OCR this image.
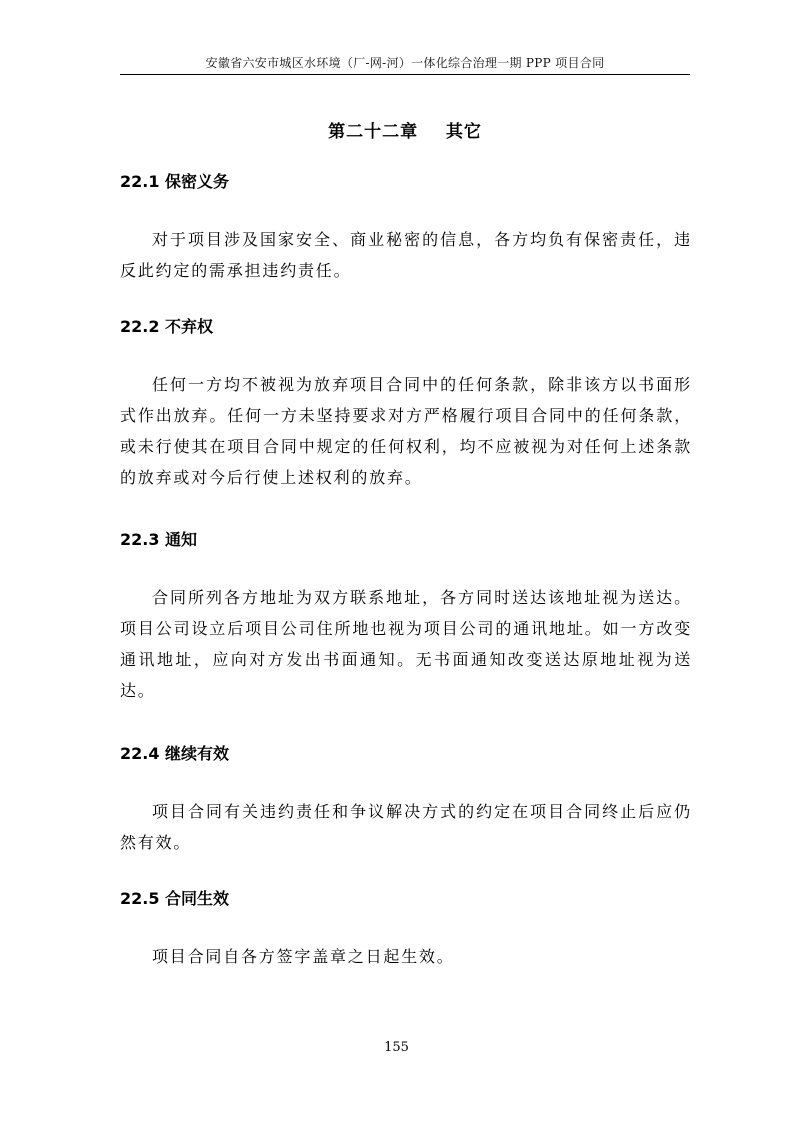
安徽省六安市城区水环境（厂-网-河）一体化综合治理一期 PPP 项目合同
第二十二章    其它
22.1 保密义务
对于项目涉及国家安全、商业秘密的信息，各方均负有保密责任，违反此约定的需承担违约责任。
22.2 不弃权
任何一方均不被视为放弃项目合同中的任何条款，除非该方以书面形式作出放弃。任何一方未坚持要求对方严格履行项目合同中的任何条款，或未行使其在项目合同中规定的任何权利，均不应被视为对任何上述条款的放弃或对今后行使上述权利的放弃。
22.3 通知
合同所列各方地址为双方联系地址，各方同时送达该地址视为送达。项目公司设立后项目公司住所地也视为项目公司的通讯地址。如一方改变通讯地址，应向对方发出书面通知。无书面通知改变送达原地址视为送达。
22.4 继续有效
项目合同有关违约责任和争议解决方式的约定在项目合同终止后应仍然有效。
22.5 合同生效
项目合同自各方签字盖章之日起生效。
155
